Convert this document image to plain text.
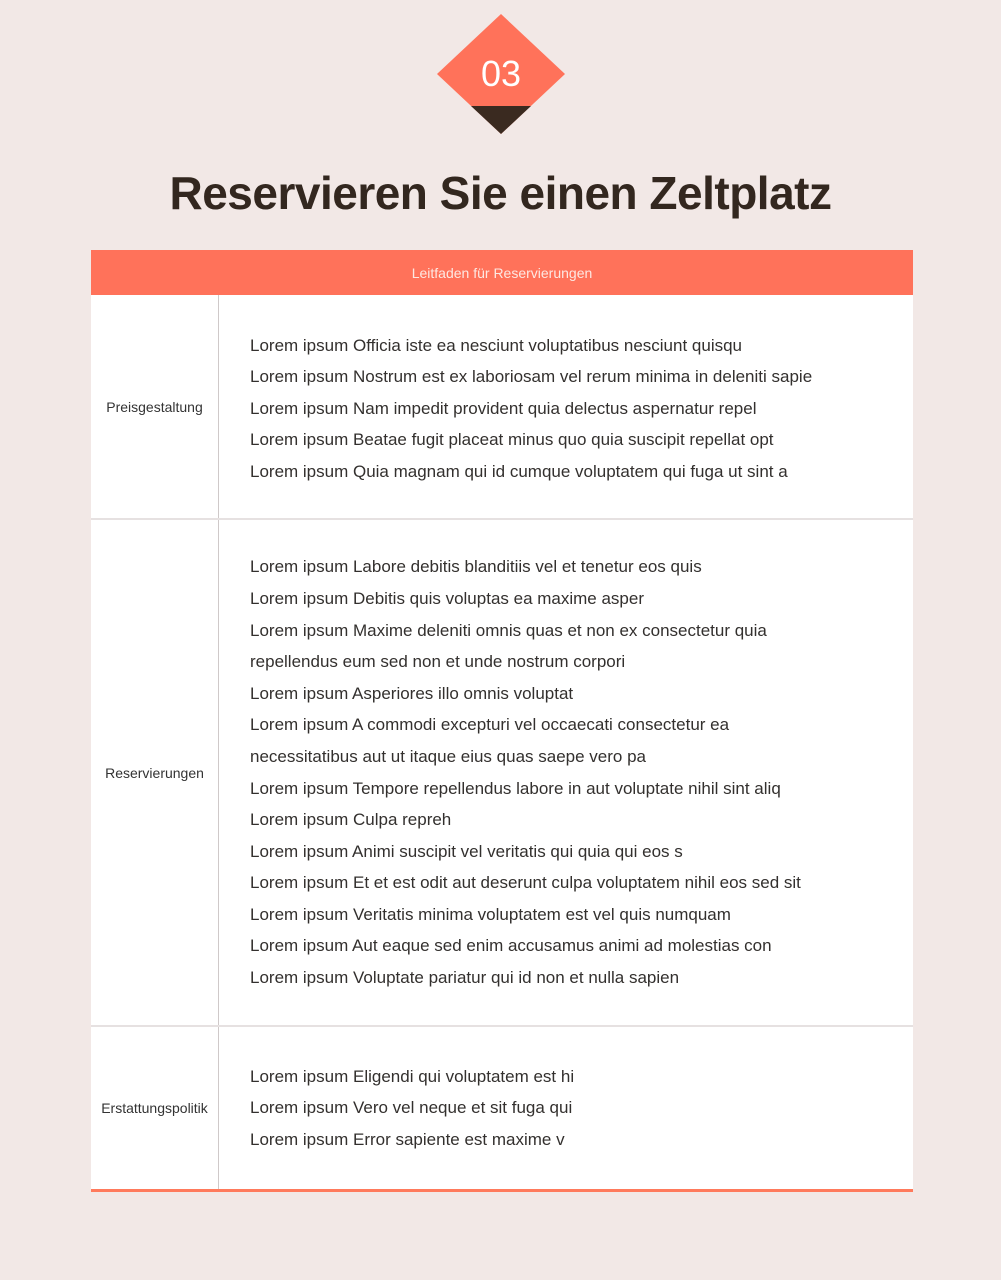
03
Reservieren Sie einen Zeltplatz
Leitfaden für Reservierungen
Preisgestaltung
Lorem ipsum Officia iste ea nesciunt voluptatibus nesciunt quisqu
Lorem ipsum Nostrum est ex laboriosam vel rerum minima in deleniti sapie
Lorem ipsum Nam impedit provident quia delectus aspernatur repel
Lorem ipsum Beatae fugit placeat minus quo quia suscipit repellat opt
Lorem ipsum Quia magnam qui id cumque voluptatem qui fuga ut sint a
Reservierungen
Lorem ipsum Labore debitis blanditiis vel et tenetur eos quis
Lorem ipsum Debitis quis voluptas ea maxime asper
Lorem ipsum Maxime deleniti omnis quas et non ex consectetur quia
repellendus eum sed non et unde nostrum corpori
Lorem ipsum Asperiores illo omnis voluptat
Lorem ipsum A commodi excepturi vel occaecati consectetur ea
necessitatibus aut ut itaque eius quas saepe vero pa
Lorem ipsum Tempore repellendus labore in aut voluptate nihil sint aliq
Lorem ipsum Culpa repreh
Lorem ipsum Animi suscipit vel veritatis qui quia qui eos s
Lorem ipsum Et et est odit aut deserunt culpa voluptatem nihil eos sed sit
Lorem ipsum Veritatis minima voluptatem est vel quis numquam
Lorem ipsum Aut eaque sed enim accusamus animi ad molestias con
Lorem ipsum Voluptate pariatur qui id non et nulla sapien
Erstattungspolitik
Lorem ipsum Eligendi qui voluptatem est hi
Lorem ipsum Vero vel neque et sit fuga qui
Lorem ipsum Error sapiente est maxime v
